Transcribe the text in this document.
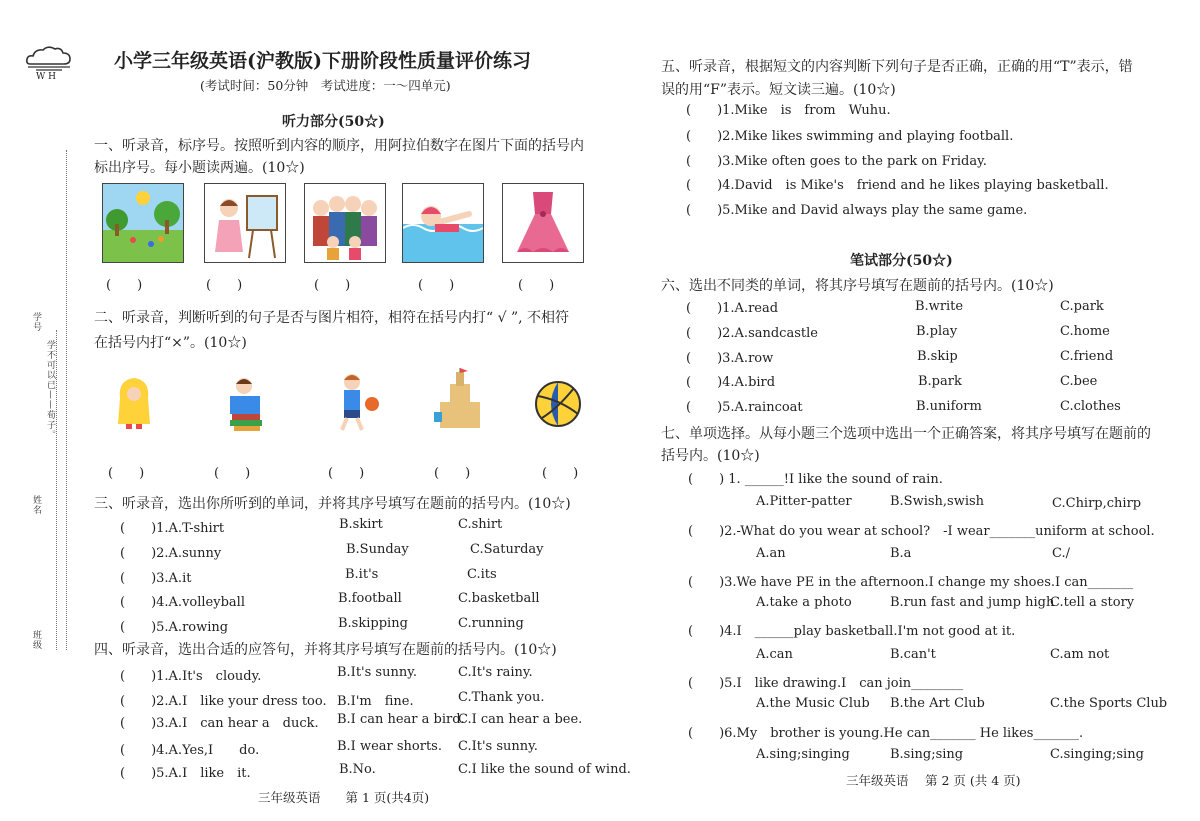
W H
小学三年级英语(沪教版)下册阶段性质量评价练习
(考试时间：50分钟　考试进度：一～四单元)
学号
学不可以已——荀子。
姓名
班级
听力部分(50☆)
一、听录音，标序号。按照听到内容的顺序，用阿拉伯数字在图片下面的括号内
标出序号。每小题读两遍。(10☆)
(　　)	(　　)	(　　)	(　　)	(　　)
二、听录音，判断听到的句子是否与图片相符，相符在括号内打“ √ ”, 不相符
在括号内打“×”。(10☆)
(　　)	(　　)	(　　)	(　　)	(　　)
三、听录音，选出你所听到的单词，并将其序号填写在题前的括号内。(10☆)
(　　)1.A.T-shirt	B.skirt	C.shirt
(　　)2.A.sunny	B.Sunday	C.Saturday
(　　)3.A.it	B.it's	C.its
(　　)4.A.volleyball	B.football	C.basketball
(　　)5.A.rowing	B.skipping	C.running
四、听录音，选出合适的应答句，并将其序号填写在题前的括号内。(10☆)
(　　)1.A.It's　cloudy.	B.It's sunny.	C.It's rainy.
(　　)2.A.I　like your dress too. B.I'm　fine.	C.Thank you.
(　　)3.A.I　can hear a　duck. B.I can hear a bird.
C.I can hear a bee.
(　　)4.A.Yes,I　　do.	B.I wear shorts. C.It's sunny.
(　　)5.A.I　like　it.	B.No.	C.I like the sound of wind.
三年级英语　　第 1 页(共4页)
五、听录音，根据短文的内容判断下列句子是否正确，正确的用“T”表示，错
误的用“F”表示。短文读三遍。(10☆)
(　　)1.Mike　is　from　Wuhu.
(　　)2.Mike likes swimming and playing football.
(　　)3.Mike often goes to the park on Friday.
(　　)4.David　is Mike's　friend and he likes playing basketball.
(　　)5.Mike and David always play the same game.
笔试部分(50☆)
六、选出不同类的单词，将其序号填写在题前的括号内。(10☆)
(　　)1.A.read	B.write	C.park
(　　)2.A.sandcastle	B.play	C.home
(　　)3.A.row	B.skip	C.friend
(　　)4.A.bird	B.park	C.bee
(　　)5.A.raincoat	B.uniform	C.clothes
七、单项选择。从每小题三个选项中选出一个正确答案，将其序号填写在题前的
括号内。(10☆)
(　　) 1. ______!I like the sound of rain.
A.Pitter-patter	B.Swish,swish	C.Chirp,chirp
(　　)2.-What do you wear at school?　-I wear_______uniform at school.
A.an	B.a	C./
(　　)3.We have PE in the afternoon.I change my shoes.I can_______
A.take a photo	B.run fast and jump high
C.tell a story
(　　)4.I　______play basketball.I'm not good at it.
A.can	B.can't	C.am not
(　　)5.I　like drawing.I　can join________
A.the Music Club B.the Art Club	C.the Sports Club
(　　)6.My　brother is young.He can_______ He likes_______.
A.sing;singing	B.sing;sing	C.singing;sing
三年级英语　 第 2 页 (共 4 页)
